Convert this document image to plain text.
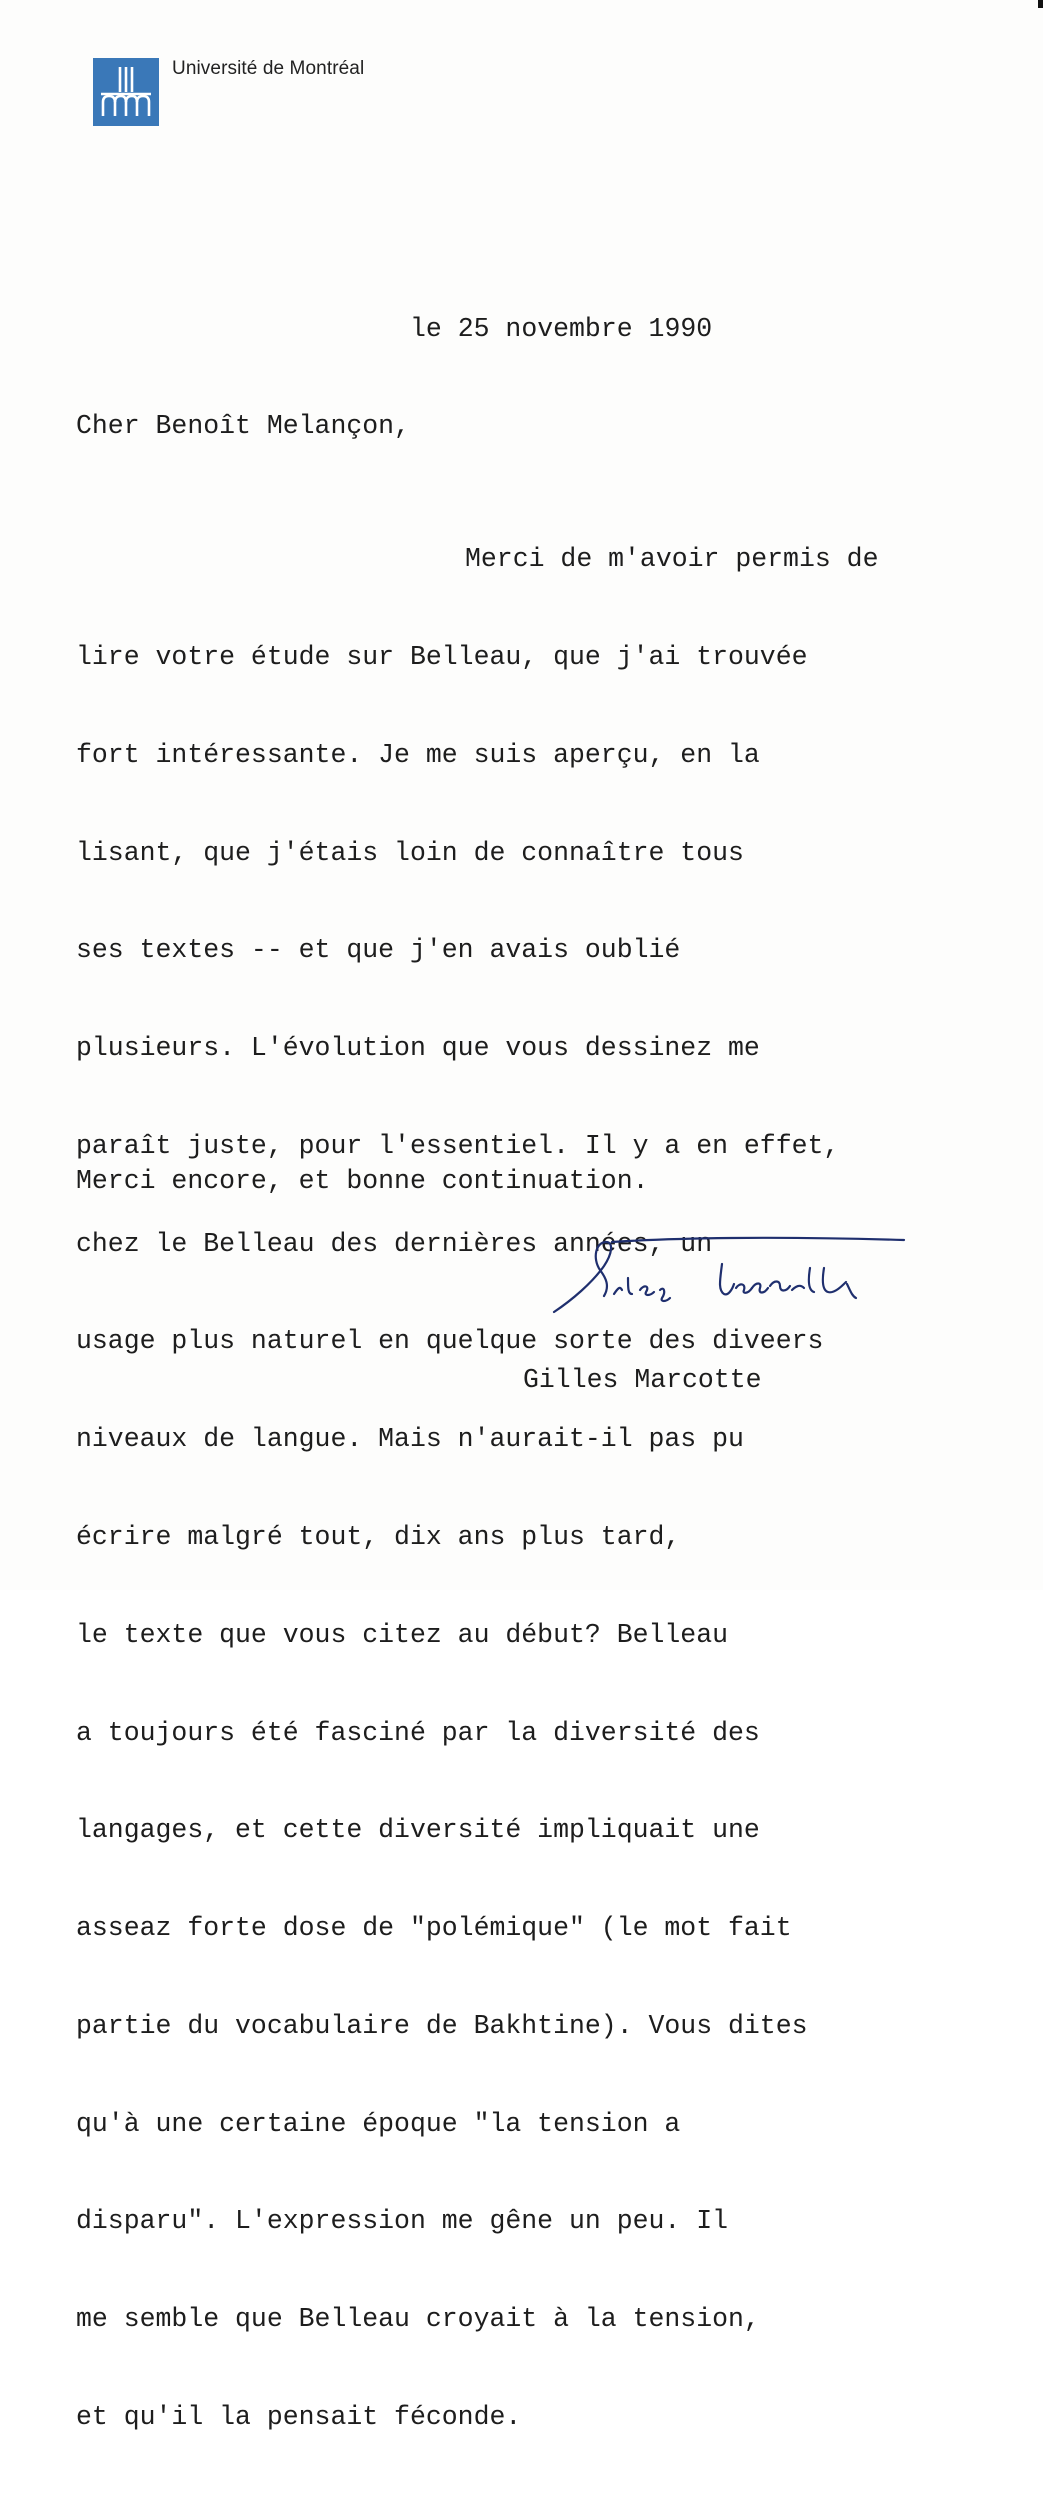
Université de Montréal

le 25 novembre 1990

Cher Benoît Melançon,

Merci de m'avoir permis de

lire votre étude sur Belleau, que j'ai trouvée

fort intéressante. Je me suis aperçu, en la

lisant, que j'étais loin de connaître tous

ses textes -- et que j'en avais oublié

plusieurs. L'évolution que vous dessinez me

paraît juste, pour l'essentiel. Il y a en effet,

chez le Belleau des dernières années, un

usage plus naturel en quelque sorte des diveers

niveaux de langue. Mais n'aurait-il pas pu

écrire malgré tout, dix ans plus tard,

le texte que vous citez au début? Belleau

a toujours été fasciné par la diversité des

langages, et cette diversité impliquait une

asseaz forte dose de "polémique" (le mot fait

partie du vocabulaire de Bakhtine). Vous dites

qu'à une certaine époque "la tension a

disparu". L'expression me gêne un peu. Il

me semble que Belleau croyait à la tension,

et qu'il la pensait féconde.

Merci encore, et bonne continuation.

Gilles Marcotte
